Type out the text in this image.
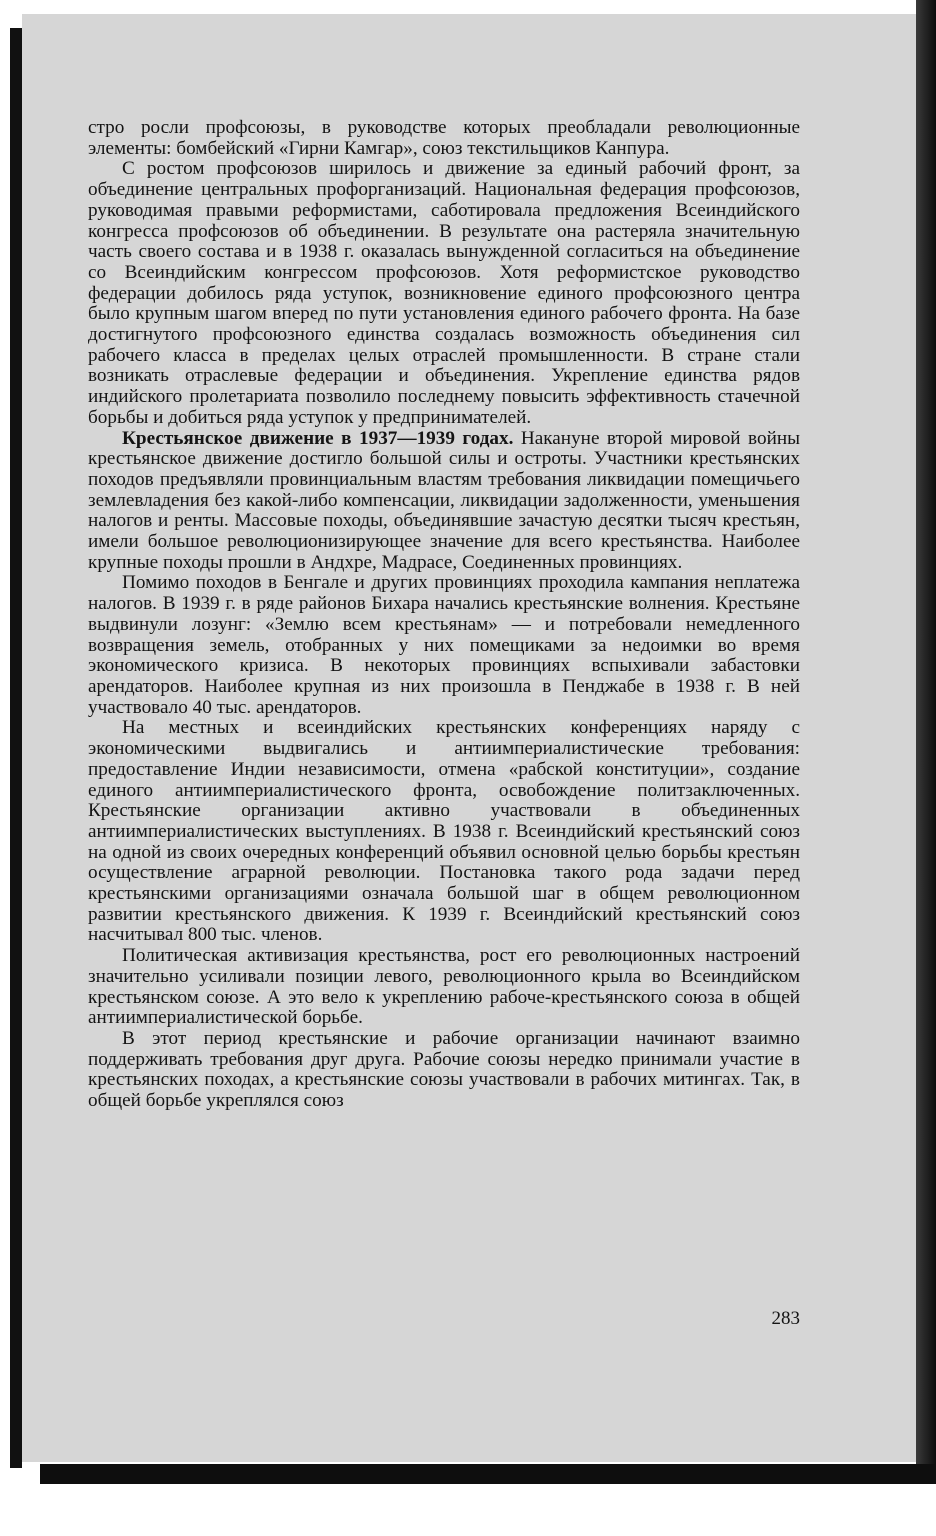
стро росли профсоюзы, в руководстве которых преобладали революционные элементы: бомбейский «Гирни Камгар», союз текстильщиков Канпура.

С ростом профсоюзов ширилось и движение за единый рабочий фронт, за объединение центральных профорганизаций. Национальная федерация профсоюзов, руководимая правыми реформистами, саботировала предложения Всеиндийского конгресса профсоюзов об объединении. В результате она растеряла значительную часть своего состава и в 1938 г. оказалась вынужденной согласиться на объединение со Всеиндийским конгрессом профсоюзов. Хотя реформистское руководство федерации добилось ряда уступок, возникновение единого профсоюзного центра было крупным шагом вперед по пути установления единого рабочего фронта. На базе достигнутого профсоюзного единства создалась возможность объединения сил рабочего класса в пределах целых отраслей промышленности. В стране стали возникать отраслевые федерации и объединения. Укрепление единства рядов индийского пролетариата позволило последнему повысить эффективность стачечной борьбы и добиться ряда уступок у предпринимателей.

Крестьянское движение в 1937—1939 годах. Накануне второй мировой войны крестьянское движение достигло большой силы и остроты. Участники крестьянских походов предъявляли провинциальным властям требования ликвидации помещичьего землевладения без какой-либо компенсации, ликвидации задолженности, уменьшения налогов и ренты. Массовые походы, объединявшие зачастую десятки тысяч крестьян, имели большое революционизирующее значение для всего крестьянства. Наиболее крупные походы прошли в Андхре, Мадрасе, Соединенных провинциях.

Помимо походов в Бенгале и других провинциях проходила кампания неплатежа налогов. В 1939 г. в ряде районов Бихара начались крестьянские волнения. Крестьяне выдвинули лозунг: «Землю всем крестьянам» — и потребовали немедленного возвращения земель, отобранных у них помещиками за недоимки во время экономического кризиса. В некоторых провинциях вспыхивали забастовки арендаторов. Наиболее крупная из них произошла в Пенджабе в 1938 г. В ней участвовало 40 тыс. арендаторов.

На местных и всеиндийских крестьянских конференциях наряду с экономическими выдвигались и антиимпериалистические требования: предоставление Индии независимости, отмена «рабской конституции», создание единого антиимпериалистического фронта, освобождение политзаключенных. Крестьянские организации активно участвовали в объединенных антиимпериалистических выступлениях. В 1938 г. Всеиндийский крестьянский союз на одной из своих очередных конференций объявил основной целью борьбы крестьян осуществление аграрной революции. Постановка такого рода задачи перед крестьянскими организациями означала большой шаг в общем революционном развитии крестьянского движения. К 1939 г. Всеиндийский крестьянский союз насчитывал 800 тыс. членов.

Политическая активизация крестьянства, рост его революционных настроений значительно усиливали позиции левого, революционного крыла во Всеиндийском крестьянском союзе. А это вело к укреплению рабоче-крестьянского союза в общей антиимпериалистической борьбе.

В этот период крестьянские и рабочие организации начинают взаимно поддерживать требования друг друга. Рабочие союзы нередко принимали участие в крестьянских походах, а крестьянские союзы участвовали в рабочих митингах. Так, в общей борьбе укреплялся союз

283
